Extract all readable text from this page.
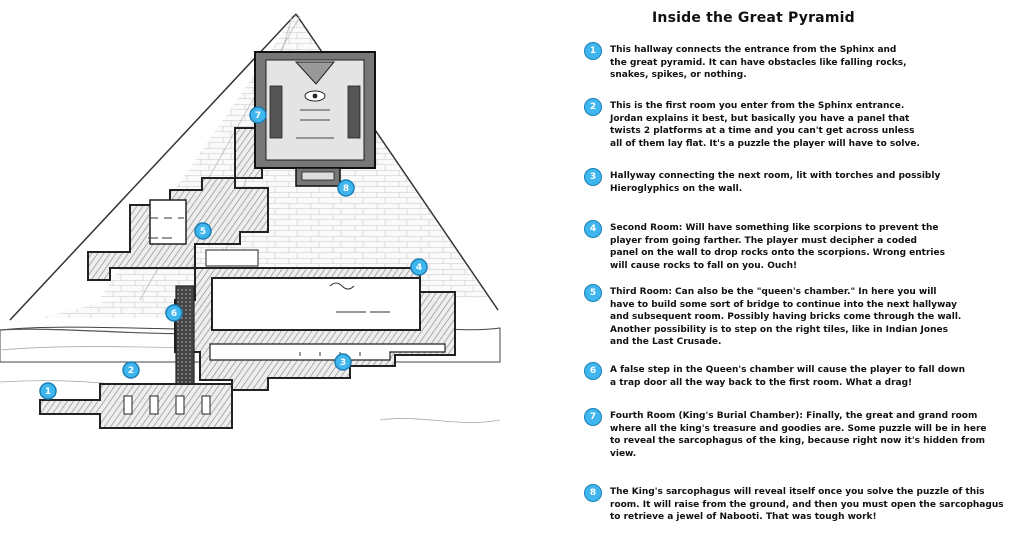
1
2
3
4
5
6
7
8
Inside the Great Pyramid
1	This hallway connects the entrance from the Sphinx and
the great pyramid. It can have obstacles like falling rocks,
snakes, spikes, or nothing.
2	This is the first room you enter from the Sphinx entrance.
Jordan explains it best, but basically you have a panel that
twists 2 platforms at a time and you can't get across unless
all of them lay flat. It's a puzzle the player will have to solve.
3	Hallyway connecting the next room, lit with torches and possibly
Hieroglyphics on the wall.
4	Second Room: Will have something like scorpions to prevent the
player from going farther. The player must decipher a coded
panel on the wall to drop rocks onto the scorpions. Wrong entries
will cause rocks to fall on you. Ouch!
5	Third Room: Can also be the "queen's chamber." In here you will
have to build some sort of bridge to continue into the next hallyway
and subsequent room. Possibly having bricks come through the wall.
Another possibility is to step on the right tiles, like in Indian Jones
and the Last Crusade.
6	A false step in the Queen's chamber will cause the player to fall down
a trap door all the way back to the first room. What a drag!
7	Fourth Room (King's Burial Chamber): Finally, the great and grand room
where all the king's treasure and goodies are. Some puzzle will be in here
to reveal the sarcophagus of the king, because right now it's hidden from
view.
8	The King's sarcophagus will reveal itself once you solve the puzzle of this
room. It will raise from the ground, and then you must open the sarcophagus
to retrieve a jewel of Nabooti. That was tough work!
